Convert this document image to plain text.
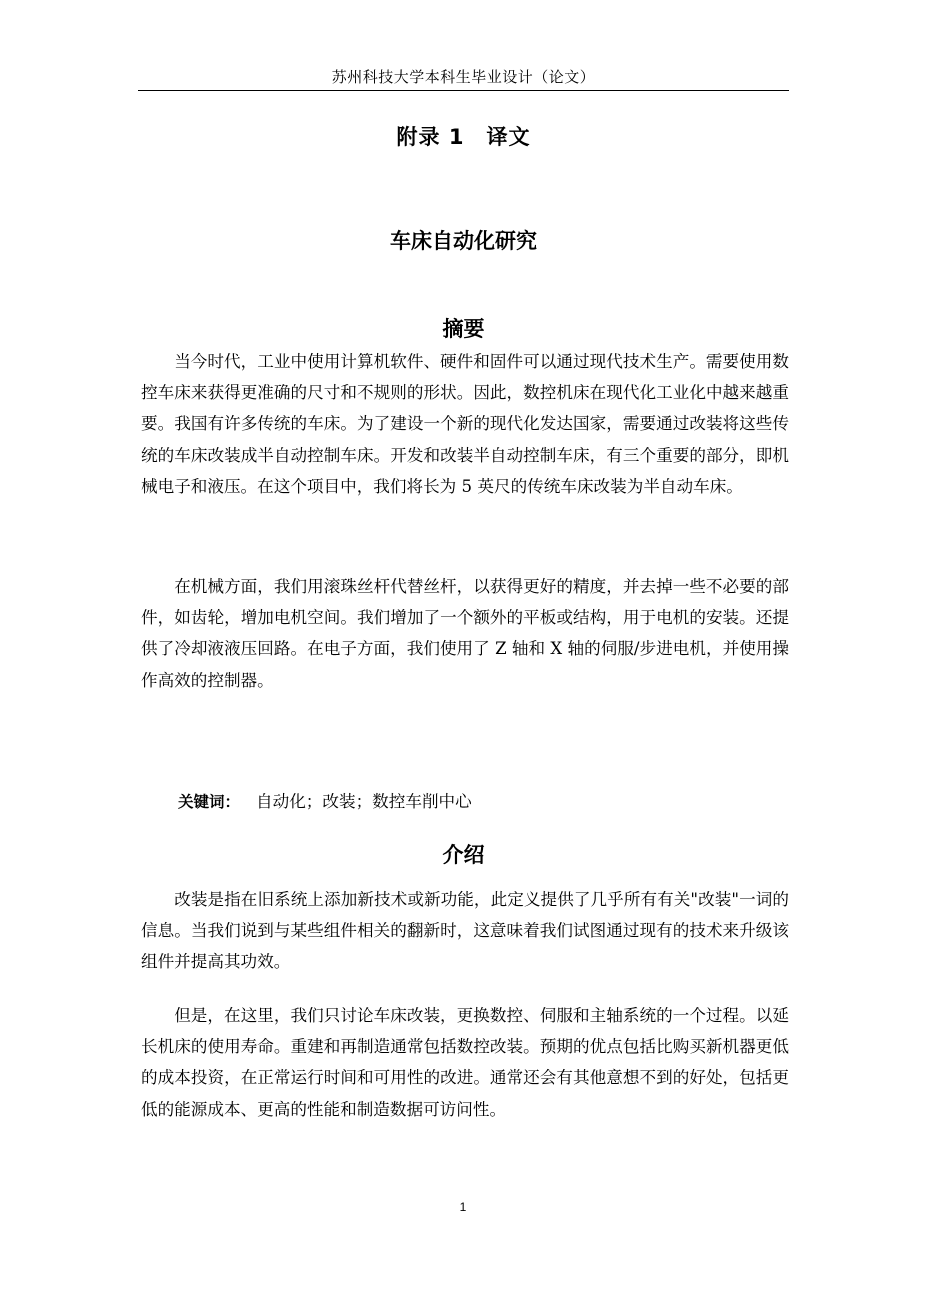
苏州科技大学本科生毕业设计（论文）
附录 1 译文
车床自动化研究
摘要

当今时代，工业中使用计算机软件、硬件和固件可以通过现代技术生产。需要使用数控车床来获得更准确的尺寸和不规则的形状。因此，数控机床在现代化工业化中越来越重要。我国有许多传统的车床。为了建设一个新的现代化发达国家，需要通过改装将这些传统的车床改装成半自动控制车床。开发和改装半自动控制车床，有三个重要的部分，即机械电子和液压。在这个项目中，我们将长为 5 英尺的传统车床改装为半自动车床。

在机械方面，我们用滚珠丝杆代替丝杆，以获得更好的精度，并去掉一些不必要的部件，如齿轮，增加电机空间。我们增加了一个额外的平板或结构，用于电机的安装。还提供了冷却液液压回路。在电子方面，我们使用了 Z 轴和 X 轴的伺服/步进电机，并使用操作高效的控制器。

关键词： 自动化；改装；数控车削中心
介绍

改装是指在旧系统上添加新技术或新功能，此定义提供了几乎所有有关"改装"一词的信息。当我们说到与某些组件相关的翻新时，这意味着我们试图通过现有的技术来升级该组件并提高其功效。

但是，在这里，我们只讨论车床改装，更换数控、伺服和主轴系统的一个过程。以延长机床的使用寿命。重建和再制造通常包括数控改装。预期的优点包括比购买新机器更低的成本投资，在正常运行时间和可用性的改进。通常还会有其他意想不到的好处，包括更低的能源成本、更高的性能和制造数据可访问性。

1
